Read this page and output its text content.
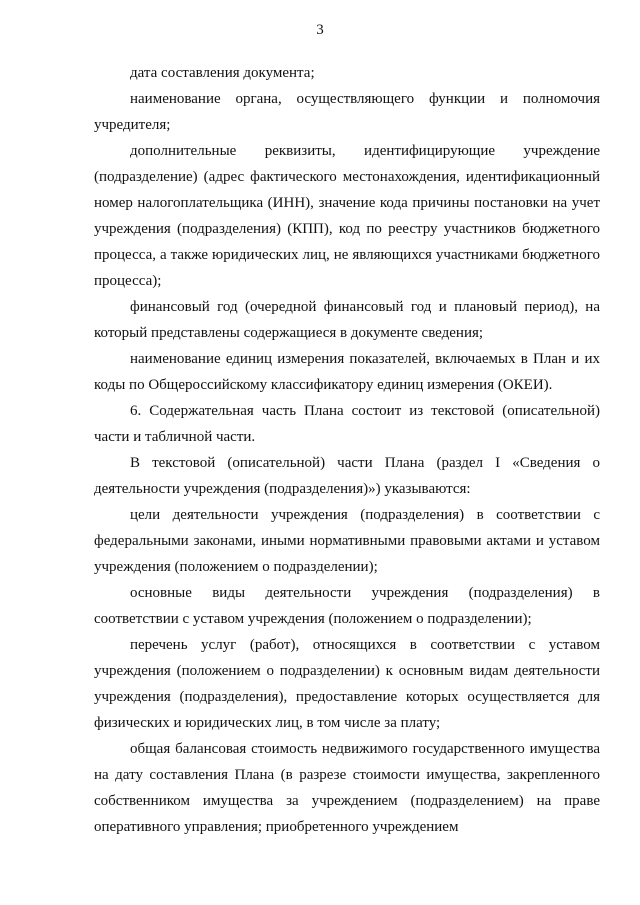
3

дата составления документа;

наименование органа, осуществляющего функции и полномочия учредителя;

дополнительные реквизиты, идентифицирующие учреждение (подразделение) (адрес фактического местонахождения, идентификационный номер налогоплательщика (ИНН), значение кода причины постановки на учет учреждения (подразделения) (КПП), код по реестру участников бюджетного процесса, а также юридических лиц, не являющихся участниками бюджетного процесса);

финансовый год (очередной финансовый год и плановый период), на который представлены содержащиеся в документе сведения;

наименование единиц измерения показателей, включаемых в План и их коды по Общероссийскому классификатору единиц измерения (ОКЕИ).

6. Содержательная часть Плана состоит из текстовой (описательной) части и табличной части.

В текстовой (описательной) части Плана (раздел I «Сведения о деятельности учреждения (подразделения)») указываются:

цели деятельности учреждения (подразделения) в соответствии с федеральными законами, иными нормативными правовыми актами и уставом учреждения (положением о подразделении);

основные виды деятельности учреждения (подразделения) в соответствии с уставом учреждения (положением о подразделении);

перечень услуг (работ), относящихся в соответствии с уставом учреждения (положением о подразделении) к основным видам деятельности учреждения (подразделения), предоставление которых осуществляется для физических и юридических лиц, в том числе за плату;

общая балансовая стоимость недвижимого государственного имущества на дату составления Плана (в разрезе стоимости имущества, закрепленного собственником имущества за учреждением (подразделением) на праве оперативного управления; приобретенного учреждением
